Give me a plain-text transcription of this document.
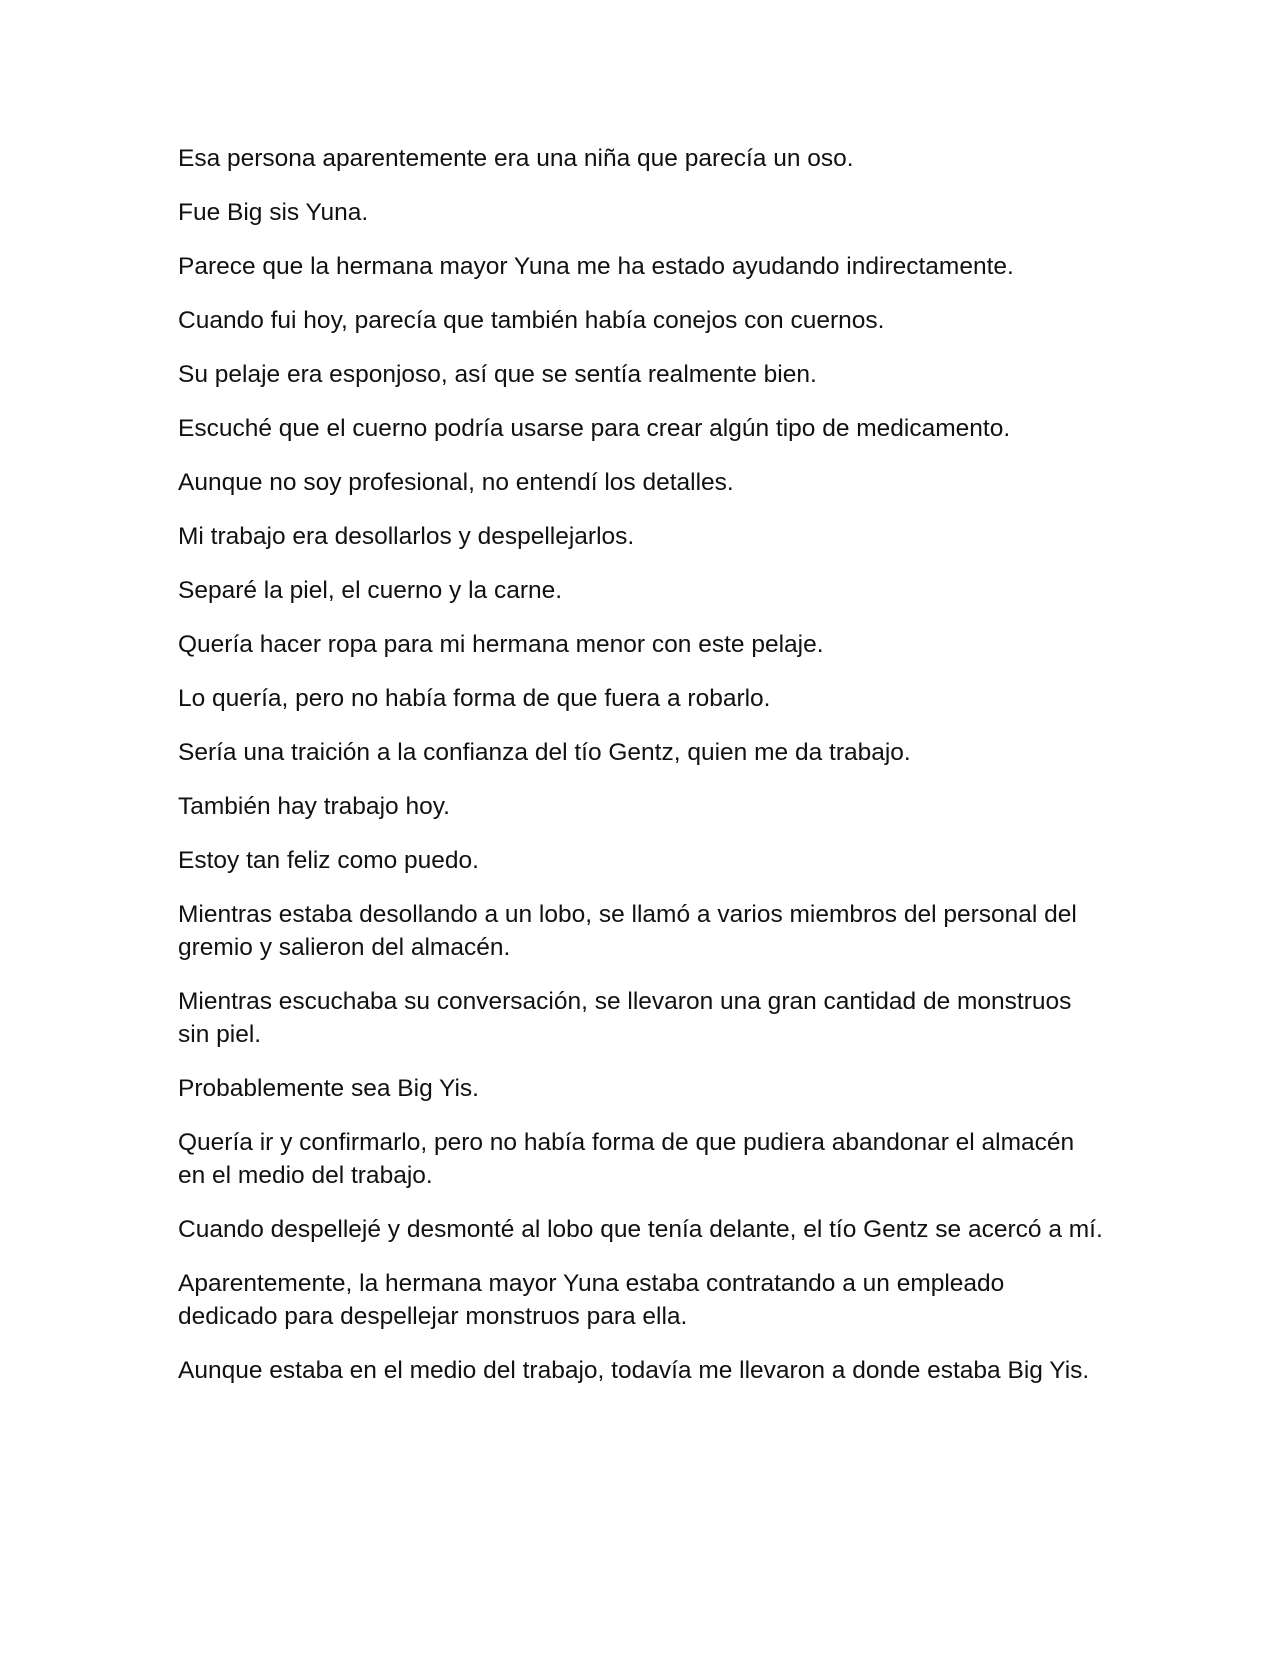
Esa persona aparentemente era una niña que parecía un oso.

Fue Big sis Yuna.

Parece que la hermana mayor Yuna me ha estado ayudando indirectamente.

Cuando fui hoy, parecía que también había conejos con cuernos.

Su pelaje era esponjoso, así que se sentía realmente bien.

Escuché que el cuerno podría usarse para crear algún tipo de medicamento.

Aunque no soy profesional, no entendí los detalles.

Mi trabajo era desollarlos y despellejarlos.

Separé la piel, el cuerno y la carne.

Quería hacer ropa para mi hermana menor con este pelaje.

Lo quería, pero no había forma de que fuera a robarlo.

Sería una traición a la confianza del tío Gentz, quien me da trabajo.

También hay trabajo hoy.

Estoy tan feliz como puedo.

Mientras estaba desollando a un lobo, se llamó a varios miembros del personal del gremio y salieron del almacén.

Mientras escuchaba su conversación, se llevaron una gran cantidad de monstruos sin piel.

Probablemente sea Big Yis.

Quería ir y confirmarlo, pero no había forma de que pudiera abandonar el almacén en el medio del trabajo.

Cuando despellejé y desmonté al lobo que tenía delante, el tío Gentz se acercó a mí.

Aparentemente, la hermana mayor Yuna estaba contratando a un empleado dedicado para despellejar monstruos para ella.

Aunque estaba en el medio del trabajo, todavía me llevaron a donde estaba Big Yis.
